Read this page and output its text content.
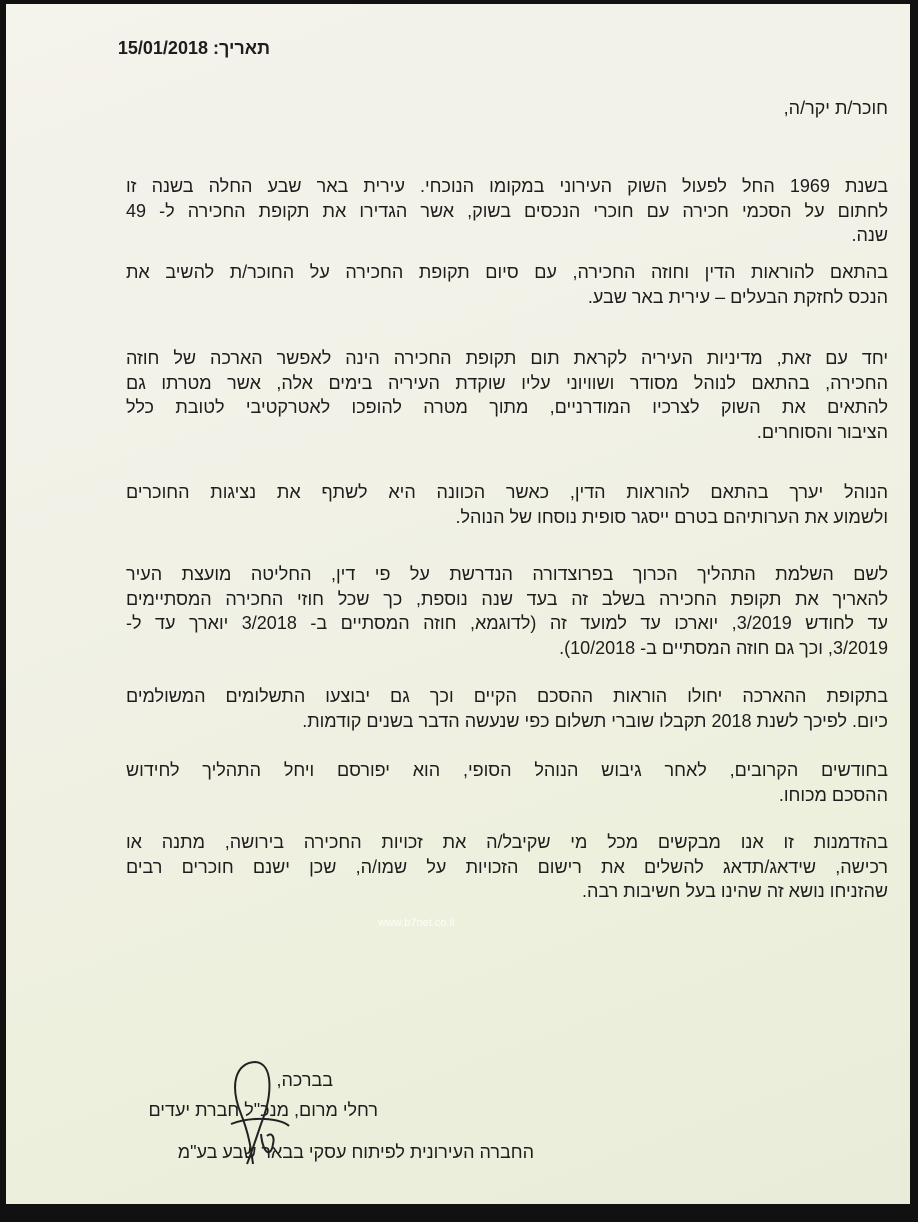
תאריך: 15/01/2018
חוכר/ת יקר/ה,
בשנת 1969 החל לפעול השוק העירוני במקומו הנוכחי. עירית באר שבע החלה בשנה זו
לחתום על הסכמי חכירה עם חוכרי הנכסים בשוק, אשר הגדירו את תקופת החכירה ל- 49
שנה.
בהתאם להוראות הדין וחוזה החכירה, עם סיום תקופת החכירה על החוכר/ת להשיב את
הנכס לחזקת הבעלים – עירית באר שבע.
יחד עם זאת, מדיניות העיריה לקראת תום תקופת החכירה הינה לאפשר הארכה של חוזה
החכירה, בהתאם לנוהל מסודר ושוויוני עליו שוקדת העיריה בימים אלה, אשר מטרתו גם
להתאים את השוק לצרכיו המודרניים, מתוך מטרה להופכו לאטרקטיבי לטובת כלל
הציבור והסוחרים.
הנוהל יערך בהתאם להוראות הדין, כאשר הכוונה היא לשתף את נציגות החוכרים
ולשמוע את הערותיהם בטרם ייסגר סופית נוסחו של הנוהל.
לשם השלמת התהליך הכרוך בפרוצדורה הנדרשת על פי דין, החליטה מועצת העיר
להאריך את תקופת החכירה בשלב זה בעד שנה נוספת, כך שכל חוזי החכירה המסתיימים
עד לחודש 3/2019, יוארכו עד למועד זה (לדוגמא, חוזה המסתיים ב- 3/2018 יוארך עד ל-
3/2019, וכך גם חוזה המסתיים ב- 10/2018).
בתקופת ההארכה יחולו הוראות ההסכם הקיים וכך גם יבוצעו התשלומים המשולמים
כיום. לפיכך לשנת 2018 תקבלו שוברי תשלום כפי שנעשה הדבר בשנים קודמות.
בחודשים הקרובים, לאחר גיבוש הנוהל הסופי, הוא יפורסם ויחל התהליך לחידוש
ההסכם מכוחו.
בהזדמנות זו אנו מבקשים מכל מי שקיבל/ה את זכויות החכירה בירושה, מתנה או
רכישה, שידאג/תדאג להשלים את רישום הזכויות על שמו/ה, שכן ישנם חוכרים רבים
שהזניחו נושא זה שהינו בעל חשיבות רבה.
בברכה,
רחלי מרום, מנכ"ל חברת יעדים
החברה העירונית לפיתוח עסקי בבאר שבע בע"מ
www.b7net.co.il
